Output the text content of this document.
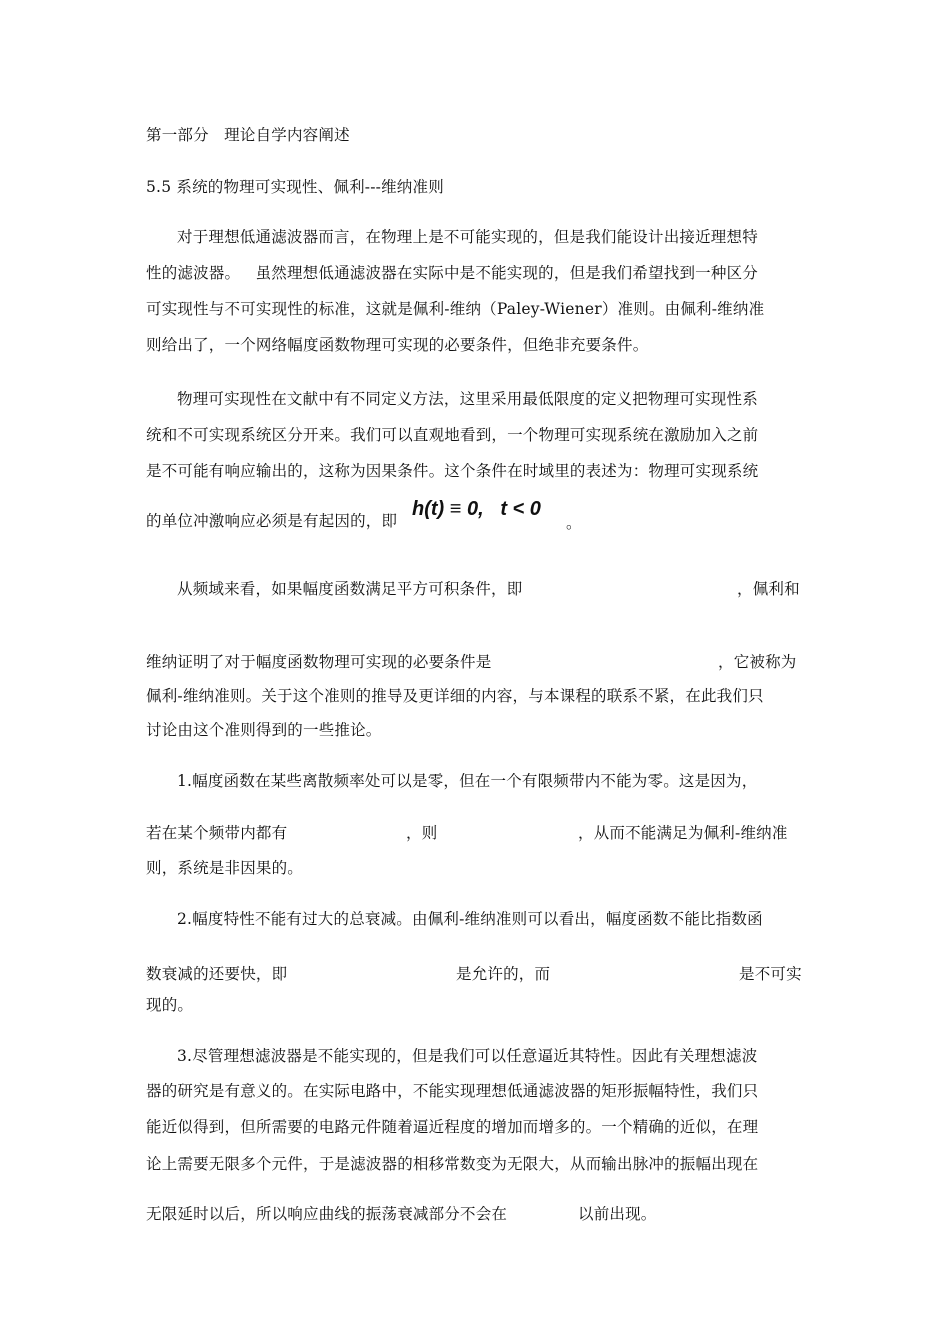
第一部分   理论自学内容阐述
5.5 系统的物理可实现性、佩利---维纳准则
对于理想低通滤波器而言，在物理上是不可能实现的，但是我们能设计出接近理想特
性的滤波器。   虽然理想低通滤波器在实际中是不能实现的，但是我们希望找到一种区分
可实现性与不可实现性的标准，这就是佩利-维纳（Paley-Wiener）准则。由佩利-维纳准
则给出了，一个网络幅度函数物理可实现的必要条件，但绝非充要条件。
物理可实现性在文献中有不同定义方法，这里采用最低限度的定义把物理可实现性系
统和不可实现系统区分开来。我们可以直观地看到，一个物理可实现系统在激励加入之前
是不可能有响应输出的，这称为因果条件。这个条件在时域里的表述为：物理可实现系统
的单位冲激响应必须是有起因的，即
h(t) ≡ 0,   t < 0
。
从频域来看，如果幅度函数满足平方可积条件，即	，佩利和
维纳证明了对于幅度函数物理可实现的必要条件是	，它被称为
佩利-维纳准则。关于这个准则的推导及更详细的内容，与本课程的联系不紧，在此我们只
讨论由这个准则得到的一些推论。
1.幅度函数在某些离散频率处可以是零，但在一个有限频带内不能为零。这是因为，
若在某个频带内都有	，则	，从而不能满足为佩利-维纳准
则，系统是非因果的。
2.幅度特性不能有过大的总衰减。由佩利-维纳准则可以看出，幅度函数不能比指数函
数衰减的还要快，即	是允许的，而	是不可实
现的。
3.尽管理想滤波器是不能实现的，但是我们可以任意逼近其特性。因此有关理想滤波
器的研究是有意义的。在实际电路中，不能实现理想低通滤波器的矩形振幅特性，我们只
能近似得到，但所需要的电路元件随着逼近程度的增加而增多的。一个精确的近似，在理
论上需要无限多个元件，于是滤波器的相移常数变为无限大，从而输出脉冲的振幅出现在
无限延时以后，所以响应曲线的振荡衰减部分不会在	以前出现。
